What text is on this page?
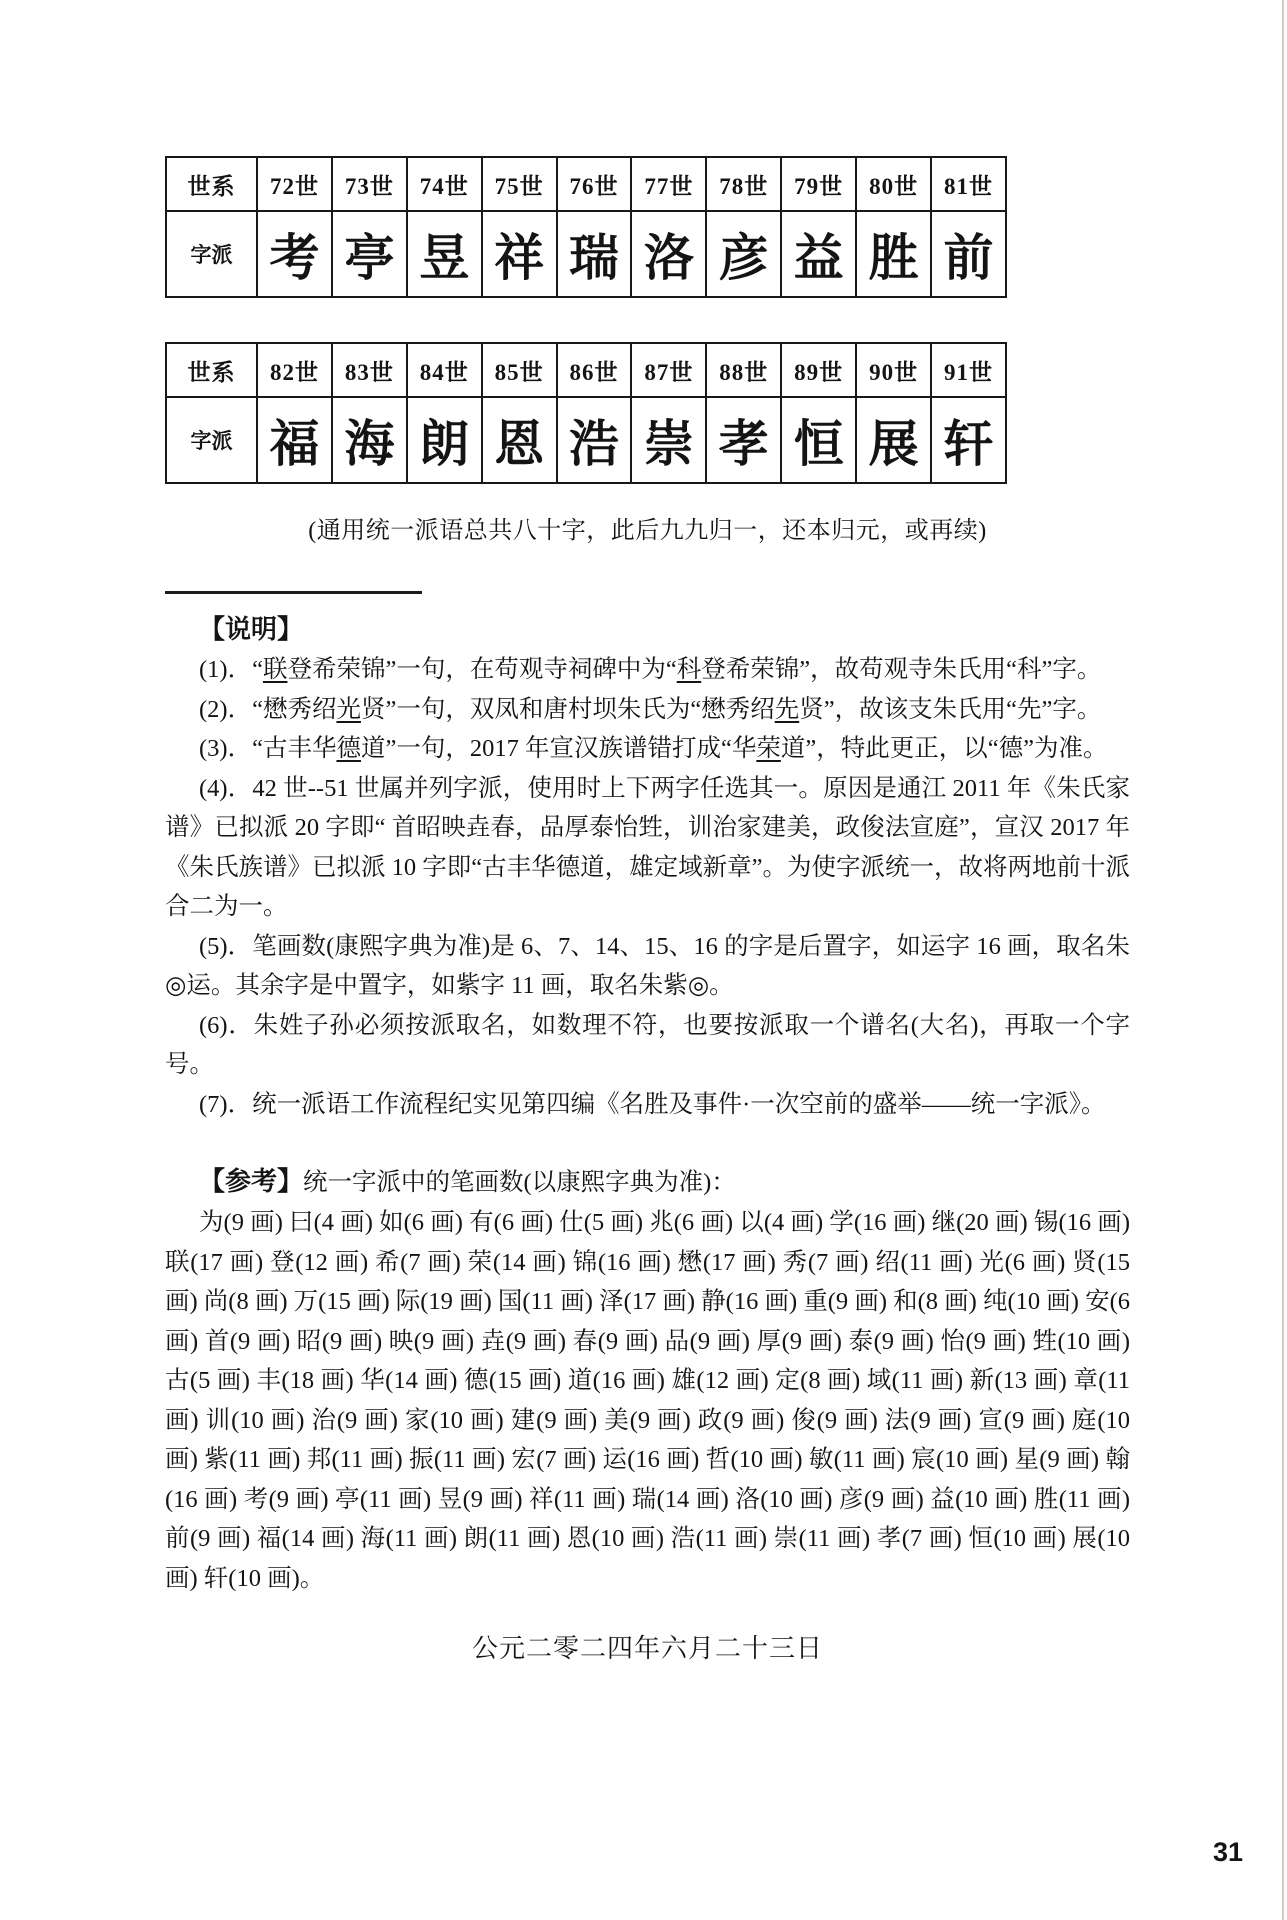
世系	72世	73世	74世	75世	76世	77世	78世	79世	80世	81世
字派	考	亭	昱	祥	瑞	洛	彦	益	胜	前
世系	82世	83世	84世	85世	86世	87世	88世	89世	90世	91世
字派	福	海	朗	恩	浩	崇	孝	恒	展	轩
(通用统一派语总共八十字，此后九九归一，还本归元，或再续)

【说明】

(1)．“联登希荣锦”一句，在苟观寺祠碑中为“科登希荣锦”，故苟观寺朱氏用“科”字。

(2)．“懋秀绍光贤”一句，双凤和唐村坝朱氏为“懋秀绍先贤”，故该支朱氏用“先”字。

(3)．“古丰华德道”一句，2017 年宣汉族谱错打成“华荣道”，特此更正，以“德”为准。

(4)．42 世--51 世属并列字派，使用时上下两字任选其一。原因是通江 2011 年《朱氏家谱》已拟派 20 字即“ 首昭映垚春，品厚泰怡甡，训治家建美，政俊法宣庭”，宣汉 2017 年《朱氏族谱》已拟派 10 字即“古丰华德道，雄定域新章”。为使字派统一，故将两地前十派合二为一。

(5)．笔画数(康熙字典为准)是 6、7、14、15、16 的字是后置字，如运字 16 画，取名朱◎运。其余字是中置字，如紫字 11 画，取名朱紫◎。

(6)．朱姓子孙必须按派取名，如数理不符，也要按派取一个谱名(大名)，再取一个字号。

(7)．统一派语工作流程纪实见第四编《名胜及事件·一次空前的盛举——统一字派》。

【参考】统一字派中的笔画数(以康熙字典为准)：

为(9 画) 曰(4 画) 如(6 画) 有(6 画) 仕(5 画) 兆(6 画) 以(4 画) 学(16 画) 继(20 画) 锡(16 画) 联(17 画) 登(12 画) 希(7 画) 荣(14 画) 锦(16 画) 懋(17 画) 秀(7 画) 绍(11 画) 光(6 画) 贤(15 画) 尚(8 画) 万(15 画) 际(19 画) 国(11 画) 泽(17 画) 静(16 画) 重(9 画) 和(8 画) 纯(10 画) 安(6 画) 首(9 画) 昭(9 画) 映(9 画) 垚(9 画) 春(9 画) 品(9 画) 厚(9 画) 泰(9 画) 怡(9 画) 甡(10 画) 古(5 画) 丰(18 画) 华(14 画) 德(15 画) 道(16 画) 雄(12 画) 定(8 画) 域(11 画) 新(13 画) 章(11 画) 训(10 画) 治(9 画) 家(10 画) 建(9 画) 美(9 画) 政(9 画) 俊(9 画) 法(9 画) 宣(9 画) 庭(10 画) 紫(11 画) 邦(11 画) 振(11 画) 宏(7 画) 运(16 画) 哲(10 画) 敏(11 画) 宸(10 画) 星(9 画) 翰(16 画) 考(9 画) 亭(11 画) 昱(9 画) 祥(11 画) 瑞(14 画) 洛(10 画) 彦(9 画) 益(10 画) 胜(11 画) 前(9 画) 福(14 画) 海(11 画) 朗(11 画) 恩(10 画) 浩(11 画) 崇(11 画) 孝(7 画) 恒(10 画) 展(10 画) 轩(10 画)。

公元二零二四年六月二十三日
31
